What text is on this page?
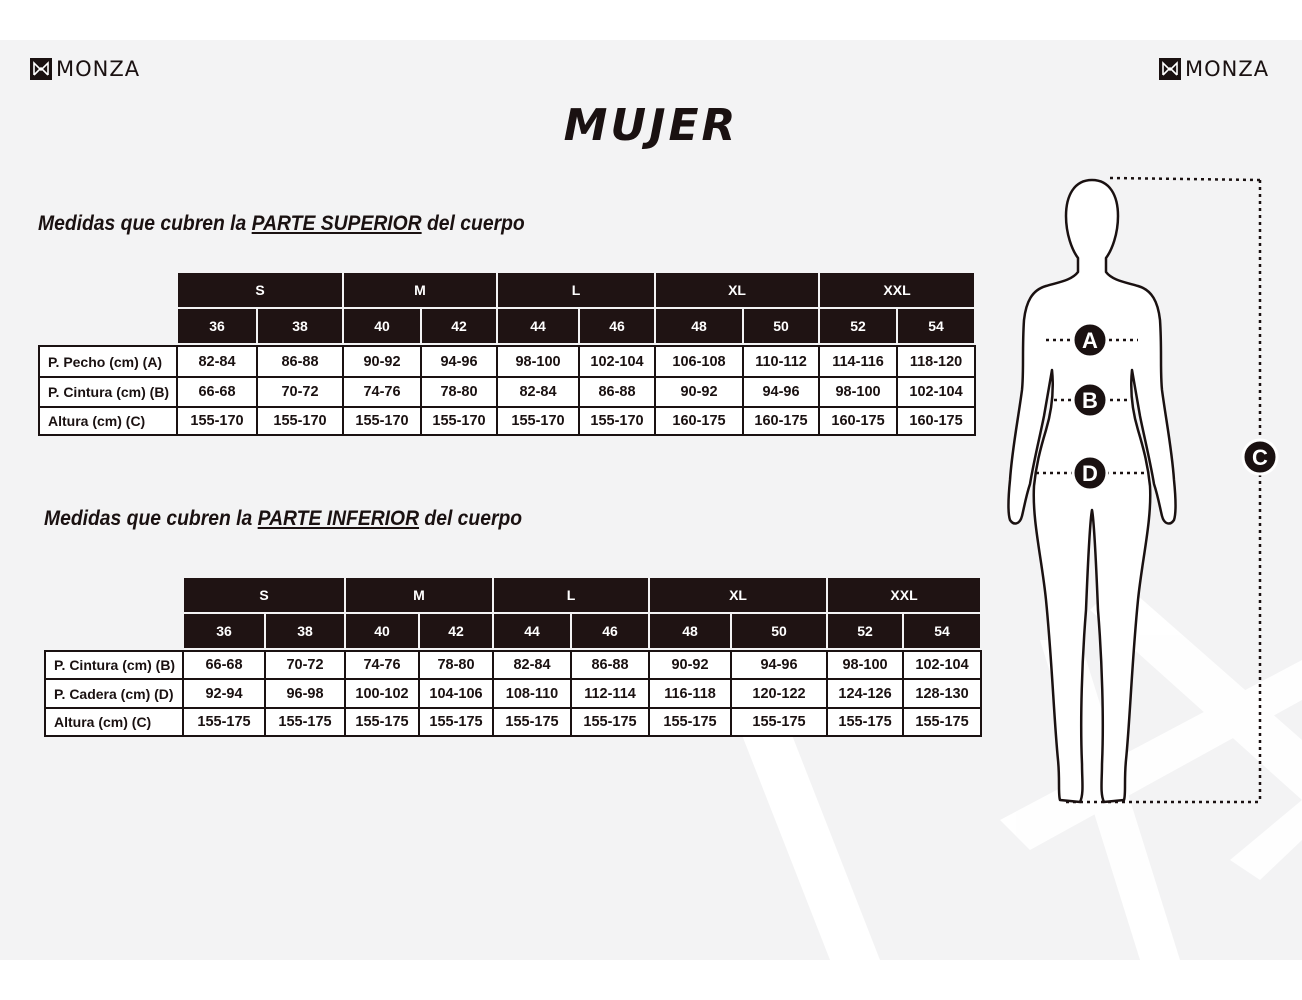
MONZA	MONZA
MUJER
Medidas que cubren la PARTE SUPERIOR del cuerpo
	S		M		L		XL		XXL	
	36	38	40	42	44	46	48	50	52	54
P. Pecho (cm) (A)	82-84	86-88	90-92	94-96	98-100	102-104	106-108	110-112	114-116	118-120
P. Cintura (cm) (B)	66-68	70-72	74-76	78-80	82-84	86-88	90-92	94-96	98-100	102-104
Altura (cm) (C)	155-170	155-170	155-170	155-170	155-170	155-170	160-175	160-175	160-175	160-175
Medidas que cubren la PARTE INFERIOR del cuerpo
	S		M		L		XL		XXL	
	36	38	40	42	44	46	48	50	52	54
P. Cintura (cm) (B)	66-68	70-72	74-76	78-80	82-84	86-88	90-92	94-96	98-100	102-104
P. Cadera (cm) (D)	92-94	96-98	100-102	104-106	108-110	112-114	116-118	120-122	124-126	128-130
Altura (cm) (C)	155-175	155-175	155-175	155-175	155-175	155-175	155-175	155-175	155-175	155-175
A
B
D
C
